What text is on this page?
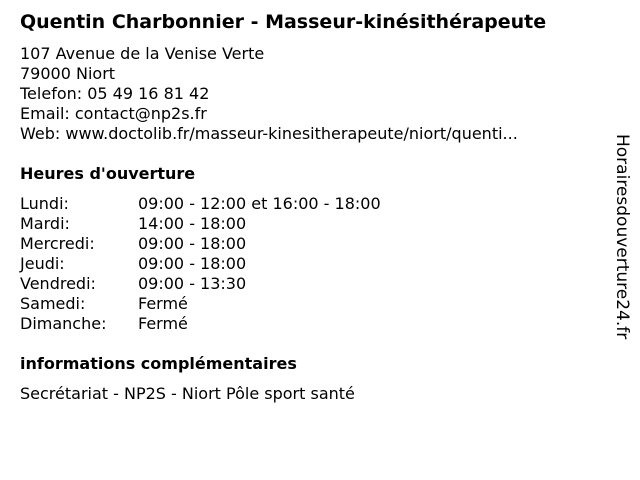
Quentin Charbonnier - Masseur-kinésithérapeute
107 Avenue de la Venise Verte
79000 Niort
Telefon: 05 49 16 81 42
Email: contact@np2s.fr
Web: www.doctolib.fr/masseur-kinesitherapeute/niort/quenti...
Heures d'ouverture
Lundi:	09:00 - 12:00 et 16:00 - 18:00
Mardi:	14:00 - 18:00
Mercredi:	09:00 - 18:00
Jeudi:	09:00 - 18:00
Vendredi:	09:00 - 13:30
Samedi:	Fermé
Dimanche:	Fermé
informations complémentaires
Secrétariat - NP2S - Niort Pôle sport santé
Horairesdouverture24.fr
